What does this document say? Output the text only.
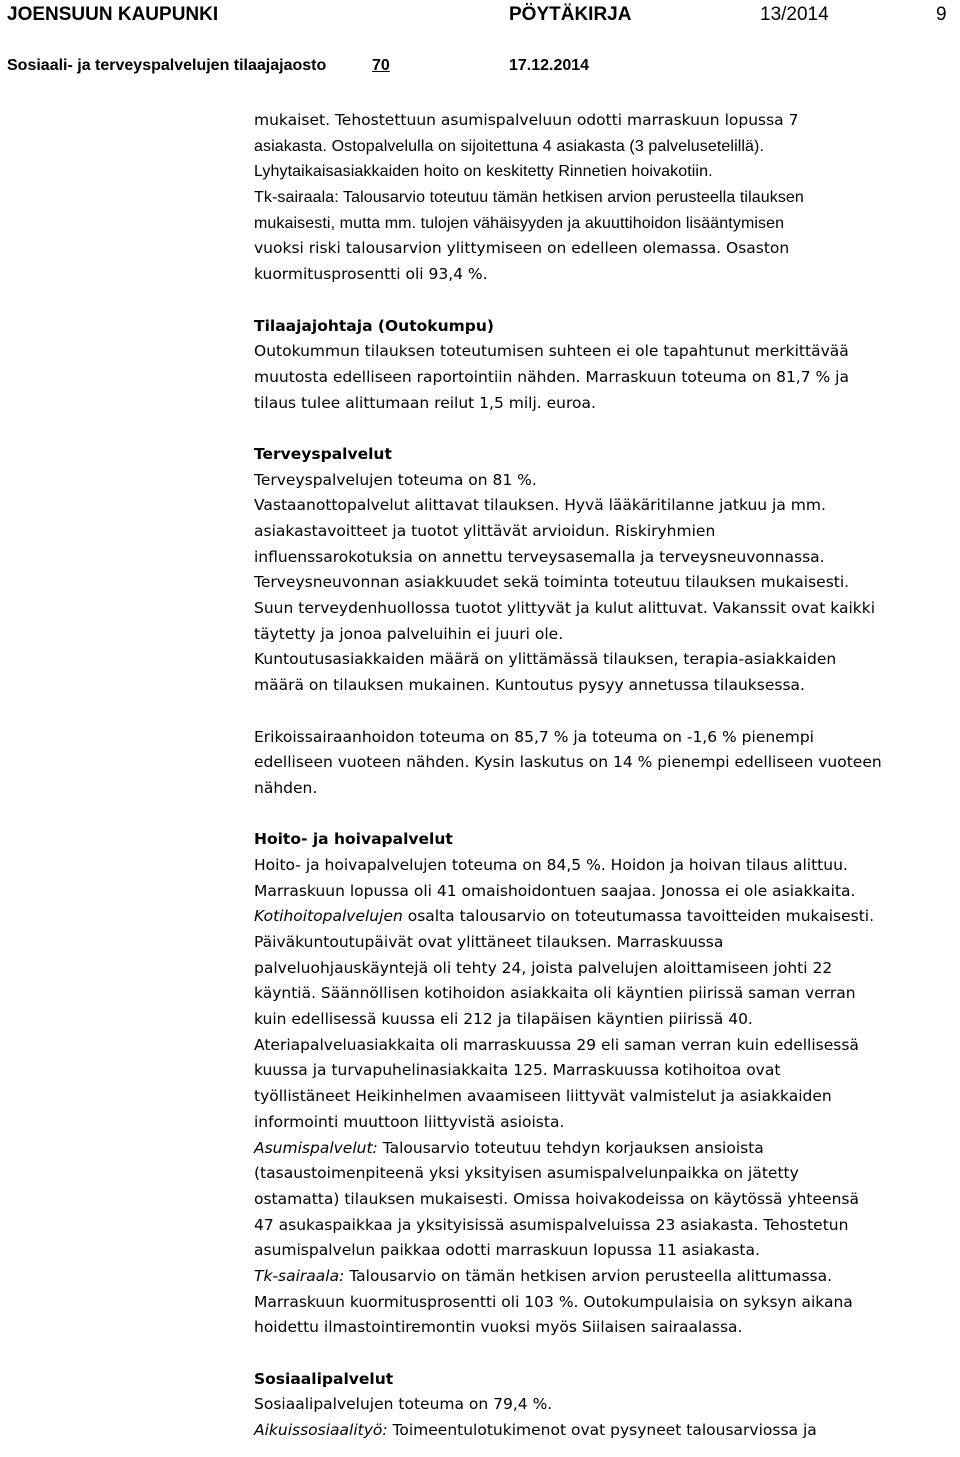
JOENSUUN KAUPUNKI	PÖYTÄKIRJA	13/2014	9
Sosiaali- ja terveyspalvelujen tilaajajaosto	70	17.12.2014
mukaiset. Tehostettuun asumispalveluun odotti marraskuun lopussa 7
asiakasta. Ostopalvelulla on sijoitettuna 4 asiakasta (3 palvelusetelillä).
Lyhytaikaisasiakkaiden hoito on keskitetty Rinnetien hoivakotiin.
Tk-sairaala: Talousarvio toteutuu tämän hetkisen arvion perusteella tilauksen
mukaisesti, mutta mm. tulojen vähäisyyden ja akuuttihoidon lisääntymisen
vuoksi riski talousarvion ylittymiseen on edelleen olemassa. Osaston
kuormitusprosentti oli 93,4 %.
Tilaajajohtaja (Outokumpu)
Outokummun tilauksen toteutumisen suhteen ei ole tapahtunut merkittävää
muutosta edelliseen raportointiin nähden. Marraskuun toteuma on 81,7 % ja
tilaus tulee alittumaan reilut 1,5 milj. euroa.
Terveyspalvelut
Terveyspalvelujen toteuma on 81 %.
Vastaanottopalvelut alittavat tilauksen. Hyvä lääkäritilanne jatkuu ja mm.
asiakastavoitteet ja tuotot ylittävät arvioidun. Riskiryhmien
influenssarokotuksia on annettu terveysasemalla ja terveysneuvonnassa.
Terveysneuvonnan asiakkuudet sekä toiminta toteutuu tilauksen mukaisesti.
Suun terveydenhuollossa tuotot ylittyvät ja kulut alittuvat. Vakanssit ovat kaikki
täytetty ja jonoa palveluihin ei juuri ole.
Kuntoutusasiakkaiden määrä on ylittämässä tilauksen, terapia-asiakkaiden
määrä on tilauksen mukainen. Kuntoutus pysyy annetussa tilauksessa.
Erikoissairaanhoidon toteuma on 85,7 % ja toteuma on -1,6 % pienempi
edelliseen vuoteen nähden. Kysin laskutus on 14 % pienempi edelliseen vuoteen
nähden.
Hoito- ja hoivapalvelut
Hoito- ja hoivapalvelujen toteuma on 84,5 %. Hoidon ja hoivan tilaus alittuu.
Marraskuun lopussa oli 41 omaishoidontuen saajaa. Jonossa ei ole asiakkaita.
Kotihoitopalvelujen osalta talousarvio on toteutumassa tavoitteiden mukaisesti.
Päiväkuntoutupäivät ovat ylittäneet tilauksen. Marraskuussa
palveluohjauskäyntejä oli tehty 24, joista palvelujen aloittamiseen johti 22
käyntiä. Säännöllisen kotihoidon asiakkaita oli käyntien piirissä saman verran
kuin edellisessä kuussa eli 212 ja tilapäisen käyntien piirissä 40.
Ateriapalveluasiakkaita oli marraskuussa 29 eli saman verran kuin edellisessä
kuussa ja turvapuhelinasiakkaita 125. Marraskuussa kotihoitoa ovat
työllistäneet Heikinhelmen avaamiseen liittyvät valmistelut ja asiakkaiden
informointi muuttoon liittyvistä asioista.
Asumispalvelut: Talousarvio toteutuu tehdyn korjauksen ansioista
(tasaustoimenpiteenä yksi yksityisen asumispalvelunpaikka on jätetty
ostamatta) tilauksen mukaisesti. Omissa hoivakodeissa on käytössä yhteensä
47 asukaspaikkaa ja yksityisissä asumispalveluissa 23 asiakasta. Tehostetun
asumispalvelun paikkaa odotti marraskuun lopussa 11 asiakasta.
Tk-sairaala: Talousarvio on tämän hetkisen arvion perusteella alittumassa.
Marraskuun kuormitusprosentti oli 103 %. Outokumpulaisia on syksyn aikana
hoidettu ilmastointiremontin vuoksi myös Siilaisen sairaalassa.
Sosiaalipalvelut
Sosiaalipalvelujen toteuma on 79,4 %.
Aikuissosiaalityö: Toimeentulotukimenot ovat pysyneet talousarviossa ja
